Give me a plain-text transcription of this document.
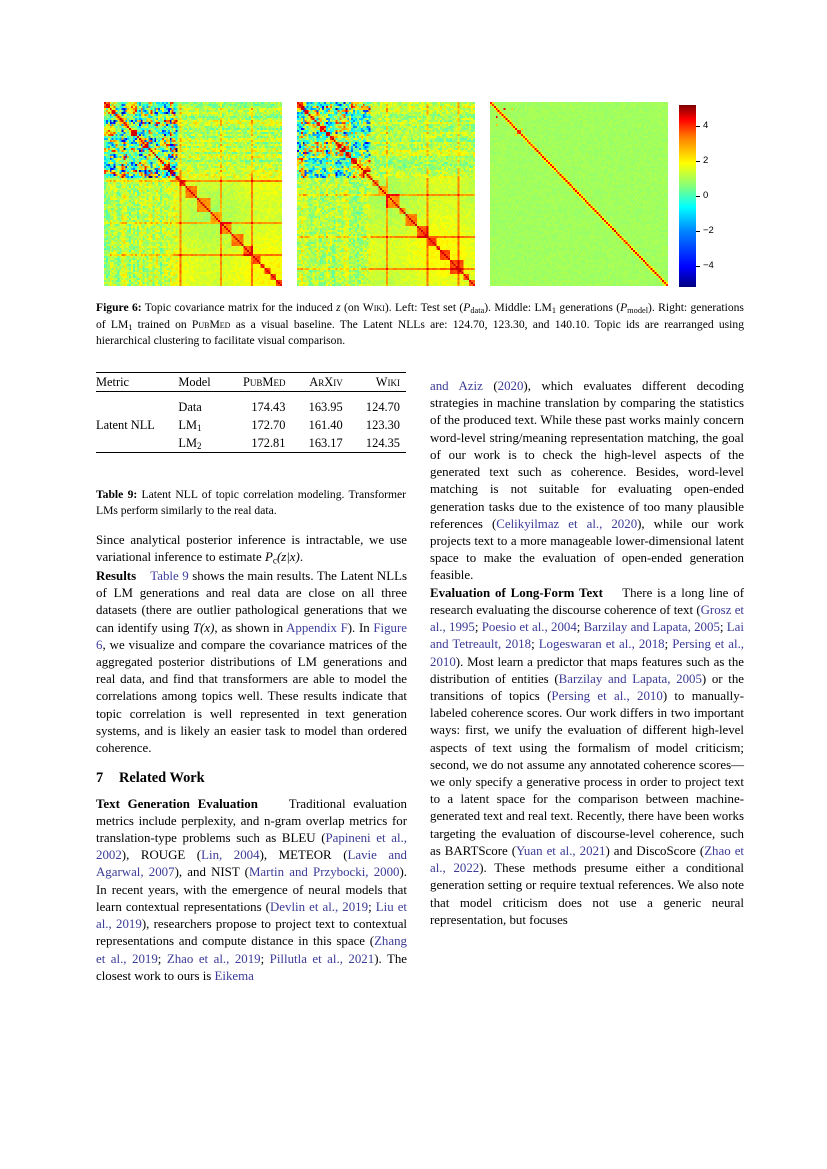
4
2
0
−2
−4
Figure 6: Topic covariance matrix for the induced z (on Wiki). Left: Test set $(P_{data})$. Middle: $LM_1$ generations $(P_{model})$. Right: generations of $LM_1$ trained on PubMed as a visual baseline. The Latent NLLs are: 124.70, 123.30, and 140.10. Topic ids are rearranged using hierarchical clustering to facilitate visual comparison.
Metric	Model	PubMed	ArXiv	Wiki

	Data	174.43	163.95	124.70
Latent NLL	LM1	172.70	161.40	123.30
	LM2	172.81	163.17	124.35

Table 9: Latent NLL of topic correlation modeling. Transformer LMs perform similarly to the real data.

Since analytical posterior inference is intractable, we use variational inference to estimate $P_c(z|x)$.

Results Table 9 shows the main results. The Latent NLLs of LM generations and real data are close on all three datasets (there are outlier pathological generations that we can identify using T(x), as shown in Appendix F). In Figure 6, we visualize and compare the covariance matrices of the aggregated posterior distributions of LM generations and real data, and find that transformers are able to model the correlations among topics well. These results indicate that topic correlation is well represented in text generation systems, and is likely an easier task to model than ordered coherence.

7 Related Work

Text Generation Evaluation    Traditional evaluation metrics include perplexity, and n-gram overlap metrics for translation-type problems such as BLEU (Papineni et al., 2002), ROUGE (Lin, 2004), METEOR (Lavie and Agarwal, 2007), and NIST (Martin and Przybocki, 2000). In recent years, with the emergence of neural models that learn contextual representations (Devlin et al., 2019; Liu et al., 2019), researchers propose to project text to contextual representations and compute distance in this space (Zhang et al., 2019; Zhao et al., 2019; Pillutla et al., 2021). The closest work to ours is Eikema

and Aziz (2020), which evaluates different decoding strategies in machine translation by comparing the statistics of the produced text. While these past works mainly concern word-level string/meaning representation matching, the goal of our work is to check the high-level aspects of the generated text such as coherence. Besides, word-level matching is not suitable for evaluating open-ended generation tasks due to the existence of too many plausible references (Celikyilmaz et al., 2020), while our work projects text to a more manageable lower-dimensional latent space to make the evaluation of open-ended generation feasible.

Evaluation of Long-Form Text    There is a long line of research evaluating the discourse coherence of text (Grosz et al., 1995; Poesio et al., 2004; Barzilay and Lapata, 2005; Lai and Tetreault, 2018; Logeswaran et al., 2018; Persing et al., 2010). Most learn a predictor that maps features such as the distribution of entities (Barzilay and Lapata, 2005) or the transitions of topics (Persing et al., 2010) to manually-labeled coherence scores. Our work differs in two important ways: first, we unify the evaluation of different high-level aspects of text using the formalism of model criticism; second, we do not assume any annotated coherence scores—we only specify a generative process in order to project text to a latent space for the comparison between machine-generated text and real text. Recently, there have been works targeting the evaluation of discourse-level coherence, such as BARTScore (Yuan et al., 2021) and DiscoScore (Zhao et al., 2022). These methods presume either a conditional generation setting or require textual references. We also note that model criticism does not use a generic neural representation, but focuses
